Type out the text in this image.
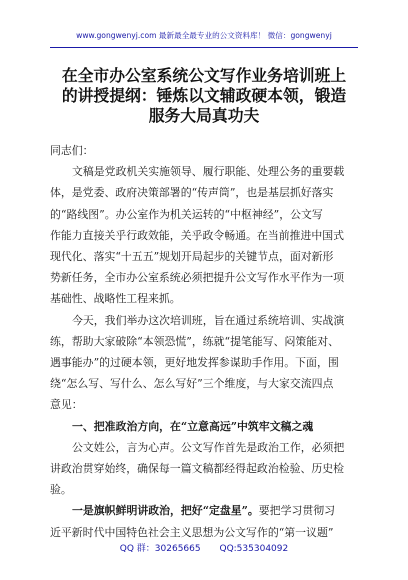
www.gongwenyj.com 最新最全最专业的公文资料库！ 微信：gongwenyj
在全市办公室系统公文写作业务培训班上
的讲授提纲：锤炼以文辅政硬本领，锻造
服务大局真功夫
同志们：
文稿是党政机关实施领导、履行职能、处理公务的重要载
体，是党委、政府决策部署的“传声筒”，也是基层抓好落实
的“路线图”。办公室作为机关运转的“中枢神经”，公文写
作能力直接关乎行政效能，关乎政令畅通。在当前推进中国式
现代化、落实“十五五”规划开局起步的关键节点，面对新形
势新任务，全市办公室系统必须把提升公文写作水平作为一项
基础性、战略性工程来抓。
今天，我们举办这次培训班，旨在通过系统培训、实战演
练，帮助大家破除“本领恐慌”，练就“提笔能写、闷策能对、
遇事能办”的过硬本领，更好地发挥参谋助手作用。下面，围
绕“怎么写、写什么、怎么写好”三个维度，与大家交流四点
意见：
一、把准政治方向，在“立意高远”中筑牢文稿之魂
公文姓公，言为心声。公文写作首先是政治工作，必须把
讲政治贯穿始终，确保每一篇文稿都经得起政治检验、历史检
验。
一是旗帜鲜明讲政治，把好“定盘星”。要把学习贯彻习
近平新时代中国特色社会主义思想为公文写作的“第一议题”
QQ 群：30265665 QQ:535304092
